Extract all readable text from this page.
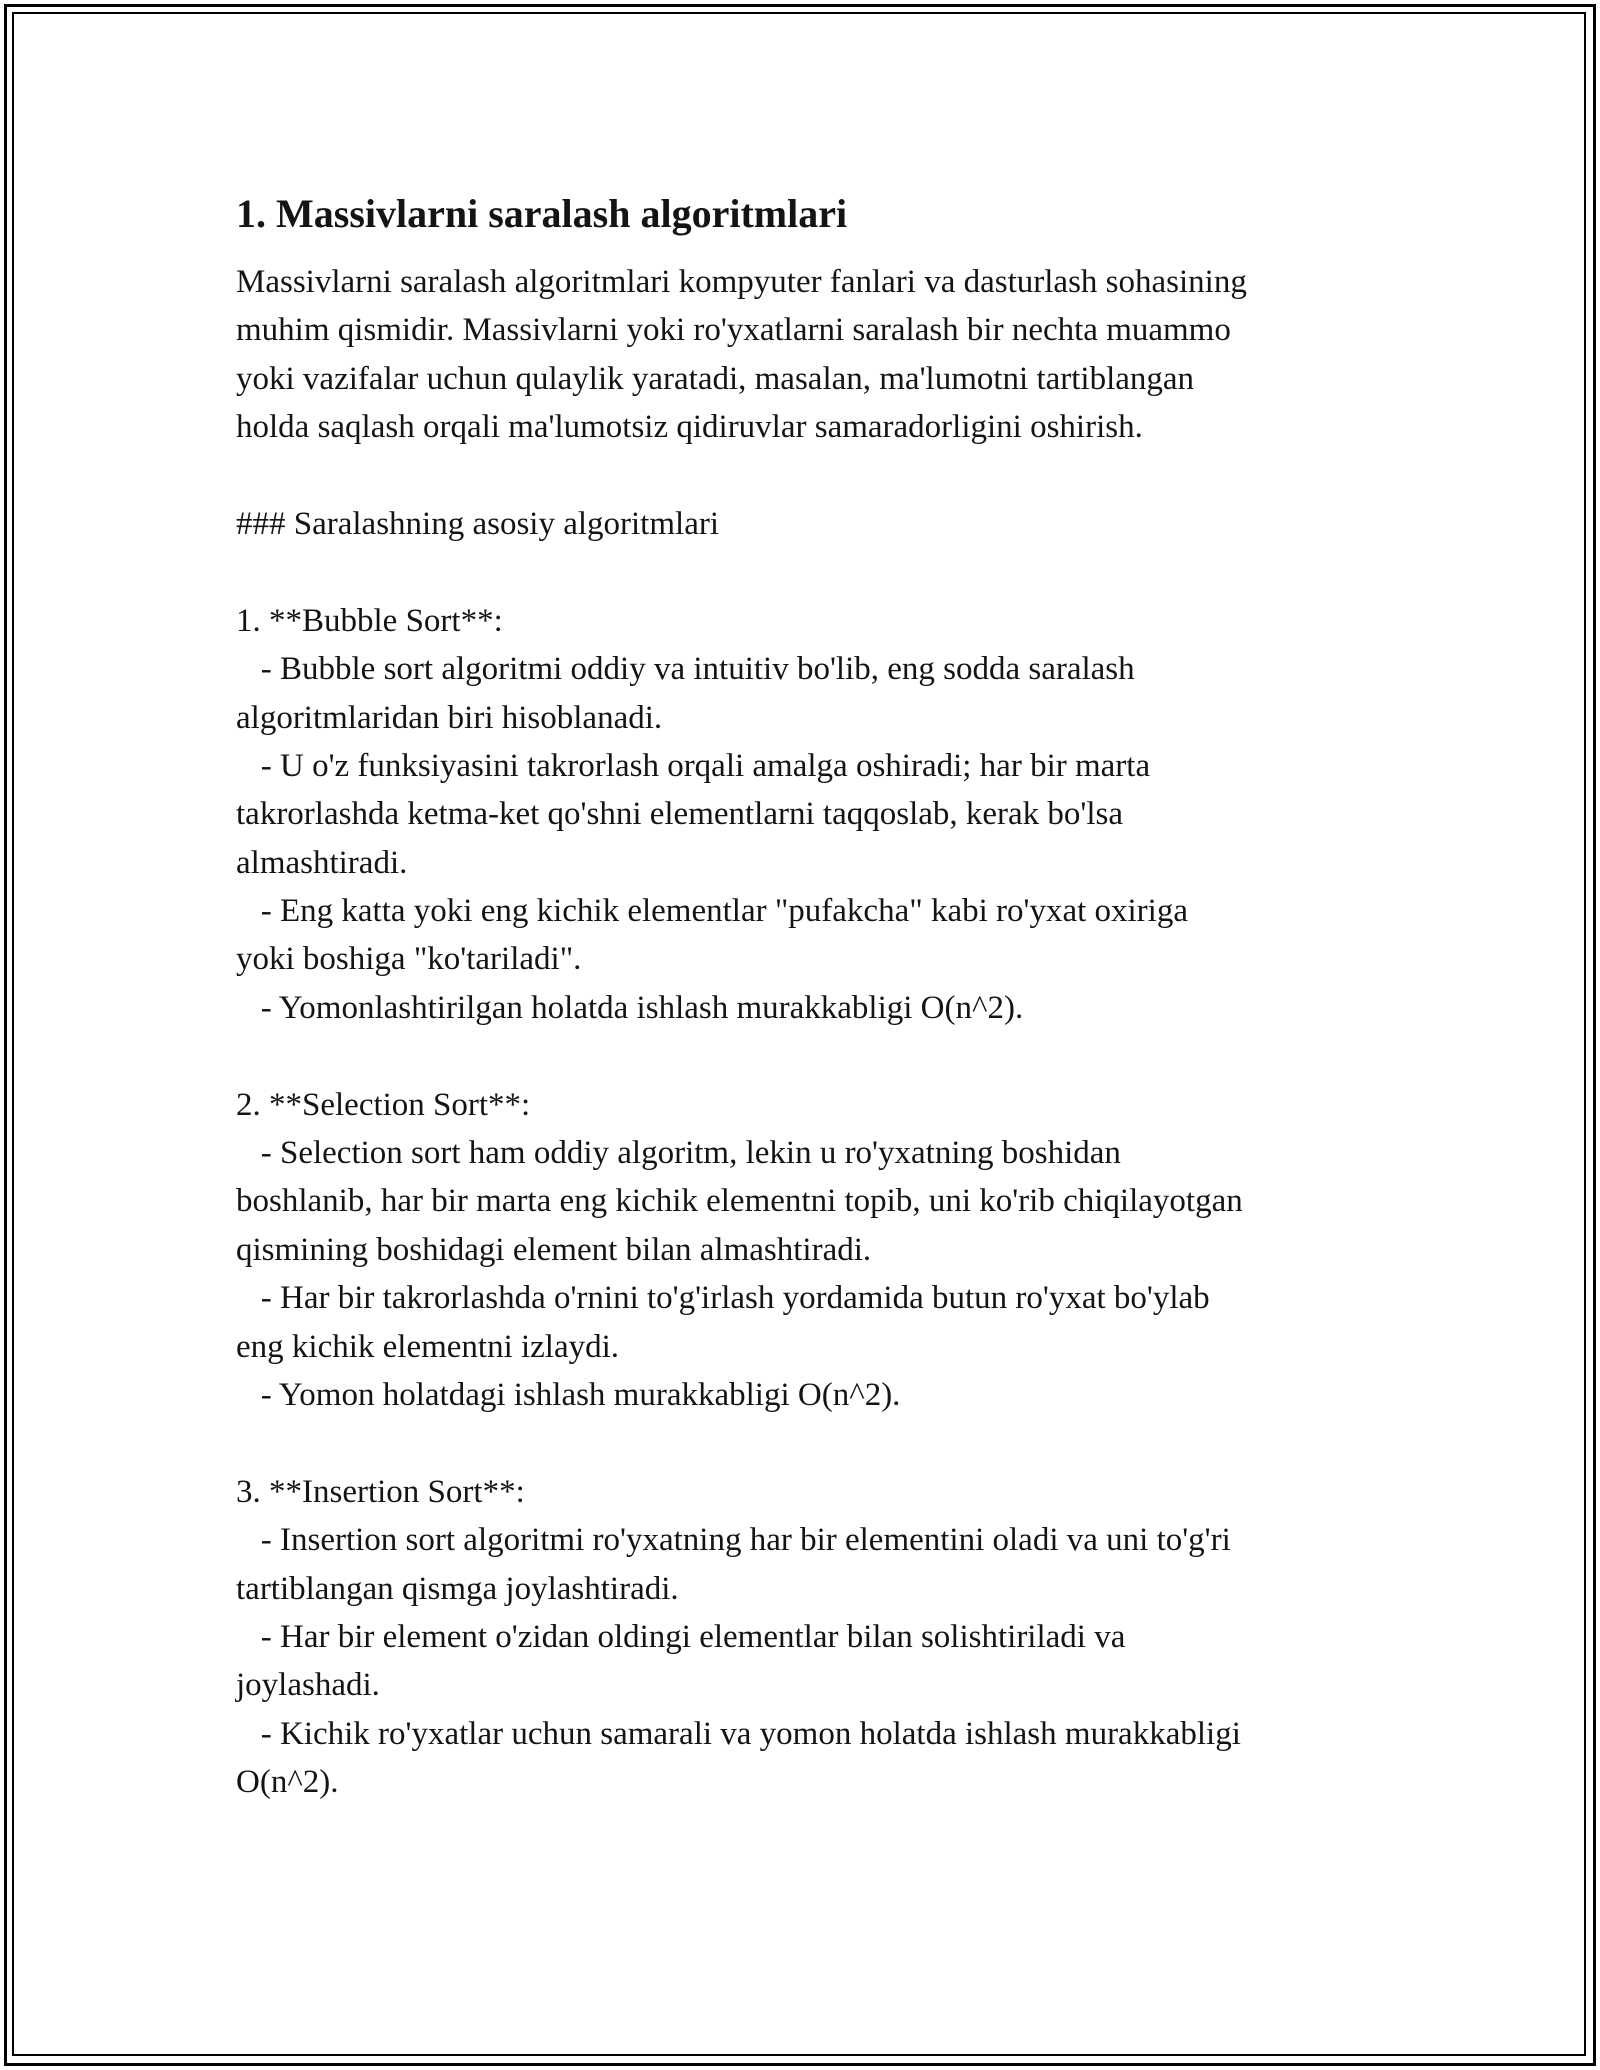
1. Massivlarni saralash algoritmlari
Massivlarni saralash algoritmlari kompyuter fanlari va dasturlash sohasining
muhim qismidir. Massivlarni yoki ro'yxatlarni saralash bir nechta muammo
yoki vazifalar uchun qulaylik yaratadi, masalan, ma'lumotni tartiblangan
holda saqlash orqali ma'lumotsiz qidiruvlar samaradorligini oshirish.
### Saralashning asosiy algoritmlari
1. **Bubble Sort**:
- Bubble sort algoritmi oddiy va intuitiv bo'lib, eng sodda saralash
algoritmlaridan biri hisoblanadi.
- U o'z funksiyasini takrorlash orqali amalga oshiradi; har bir marta
takrorlashda ketma-ket qo'shni elementlarni taqqoslab, kerak bo'lsa
almashtiradi.
- Eng katta yoki eng kichik elementlar "pufakcha" kabi ro'yxat oxiriga
yoki boshiga "ko'tariladi".
- Yomonlashtirilgan holatda ishlash murakkabligi O(n^2).
2. **Selection Sort**:
- Selection sort ham oddiy algoritm, lekin u ro'yxatning boshidan
boshlanib, har bir marta eng kichik elementni topib, uni ko'rib chiqilayotgan
qismining boshidagi element bilan almashtiradi.
- Har bir takrorlashda o'rnini to'g'irlash yordamida butun ro'yxat bo'ylab
eng kichik elementni izlaydi.
- Yomon holatdagi ishlash murakkabligi O(n^2).
3. **Insertion Sort**:
- Insertion sort algoritmi ro'yxatning har bir elementini oladi va uni to'g'ri
tartiblangan qismga joylashtiradi.
- Har bir element o'zidan oldingi elementlar bilan solishtiriladi va
joylashadi.
- Kichik ro'yxatlar uchun samarali va yomon holatda ishlash murakkabligi
O(n^2).
